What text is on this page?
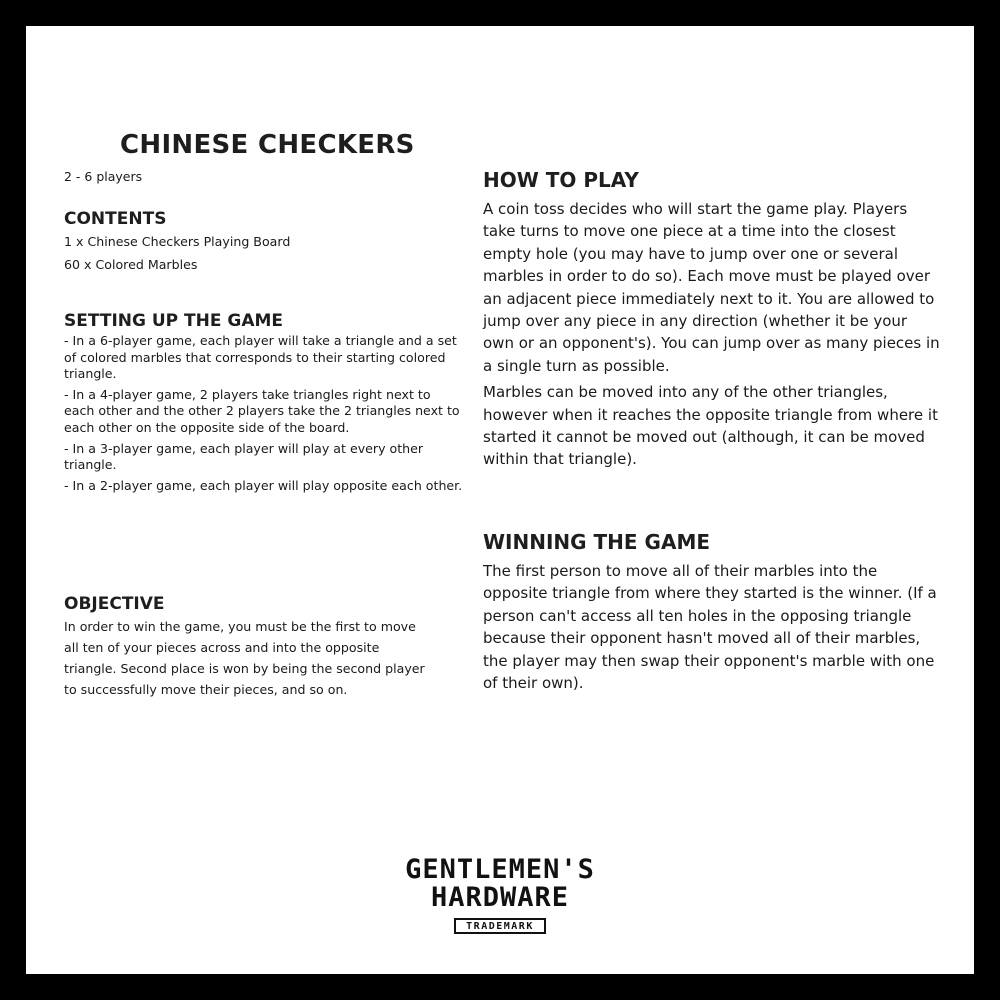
CHINESE CHECKERS

2 - 6 players

CONTENTS

1 x Chinese Checkers Playing Board

60 x Colored Marbles

SETTING UP THE GAME

- In a 6-player game, each player will take a triangle and a set of colored marbles that corresponds to their starting colored triangle.

- In a 4-player game, 2 players take triangles right next to each other and the other 2 players take the 2 triangles next to each other on the opposite side of the board.

- In a 3-player game, each player will play at every other triangle.

- In a 2-player game, each player will play opposite each other.

OBJECTIVE

In order to win the game, you must be the first to move all ten of your pieces across and into the opposite triangle. Second place is won by being the second player to successfully move their pieces, and so on.

HOW TO PLAY

A coin toss decides who will start the game play. Players take turns to move one piece at a time into the closest empty hole (you may have to jump over one or several marbles in order to do so). Each move must be played over an adjacent piece immediately next to it. You are allowed to jump over any piece in any direction (whether it be your own or an opponent's). You can jump over as many pieces in a single turn as possible.

Marbles can be moved into any of the other triangles, however when it reaches the opposite triangle from where it started it cannot be moved out (although, it can be moved within that triangle).

WINNING THE GAME

The first person to move all of their marbles into the opposite triangle from where they started is the winner. (If a person can't access all ten holes in the opposing triangle because their opponent hasn't moved all of their marbles, the player may then swap their opponent's marble with one of their own).

GENTLEMEN'S

HARDWARE

TRADEMARK
